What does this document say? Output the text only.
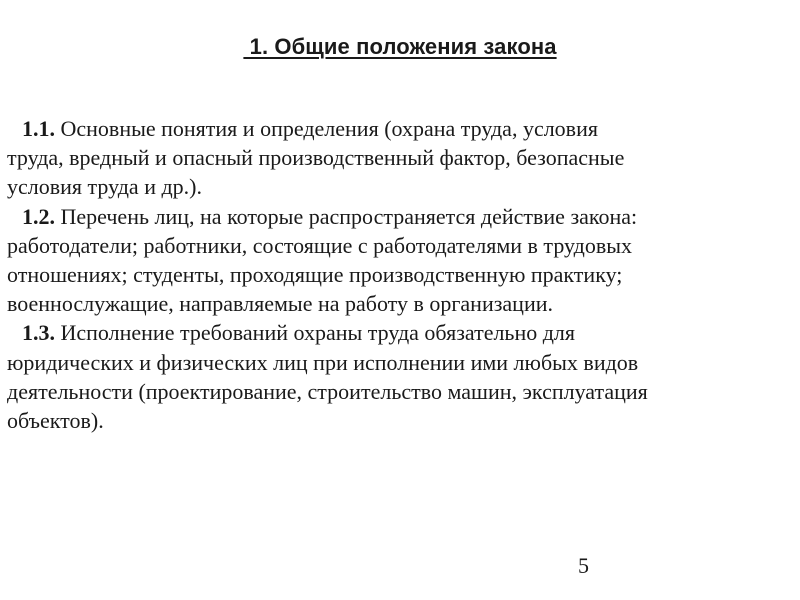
1. Общие положения закона
1.1. Основные понятия и определения (охрана труда, условия
труда, вредный и опасный производственный фактор, безопасные
условия труда и др.).
1.2. Перечень лиц, на которые распространяется действие закона:
работодатели; работники, состоящие с работодателями в трудовых
отношениях; студенты, проходящие производственную практику;
военнослужащие, направляемые на работу в организации.
1.3. Исполнение требований охраны труда обязательно для
юридических и физических лиц при исполнении ими любых видов
деятельности (проектирование, строительство машин, эксплуатация
объектов).
5
